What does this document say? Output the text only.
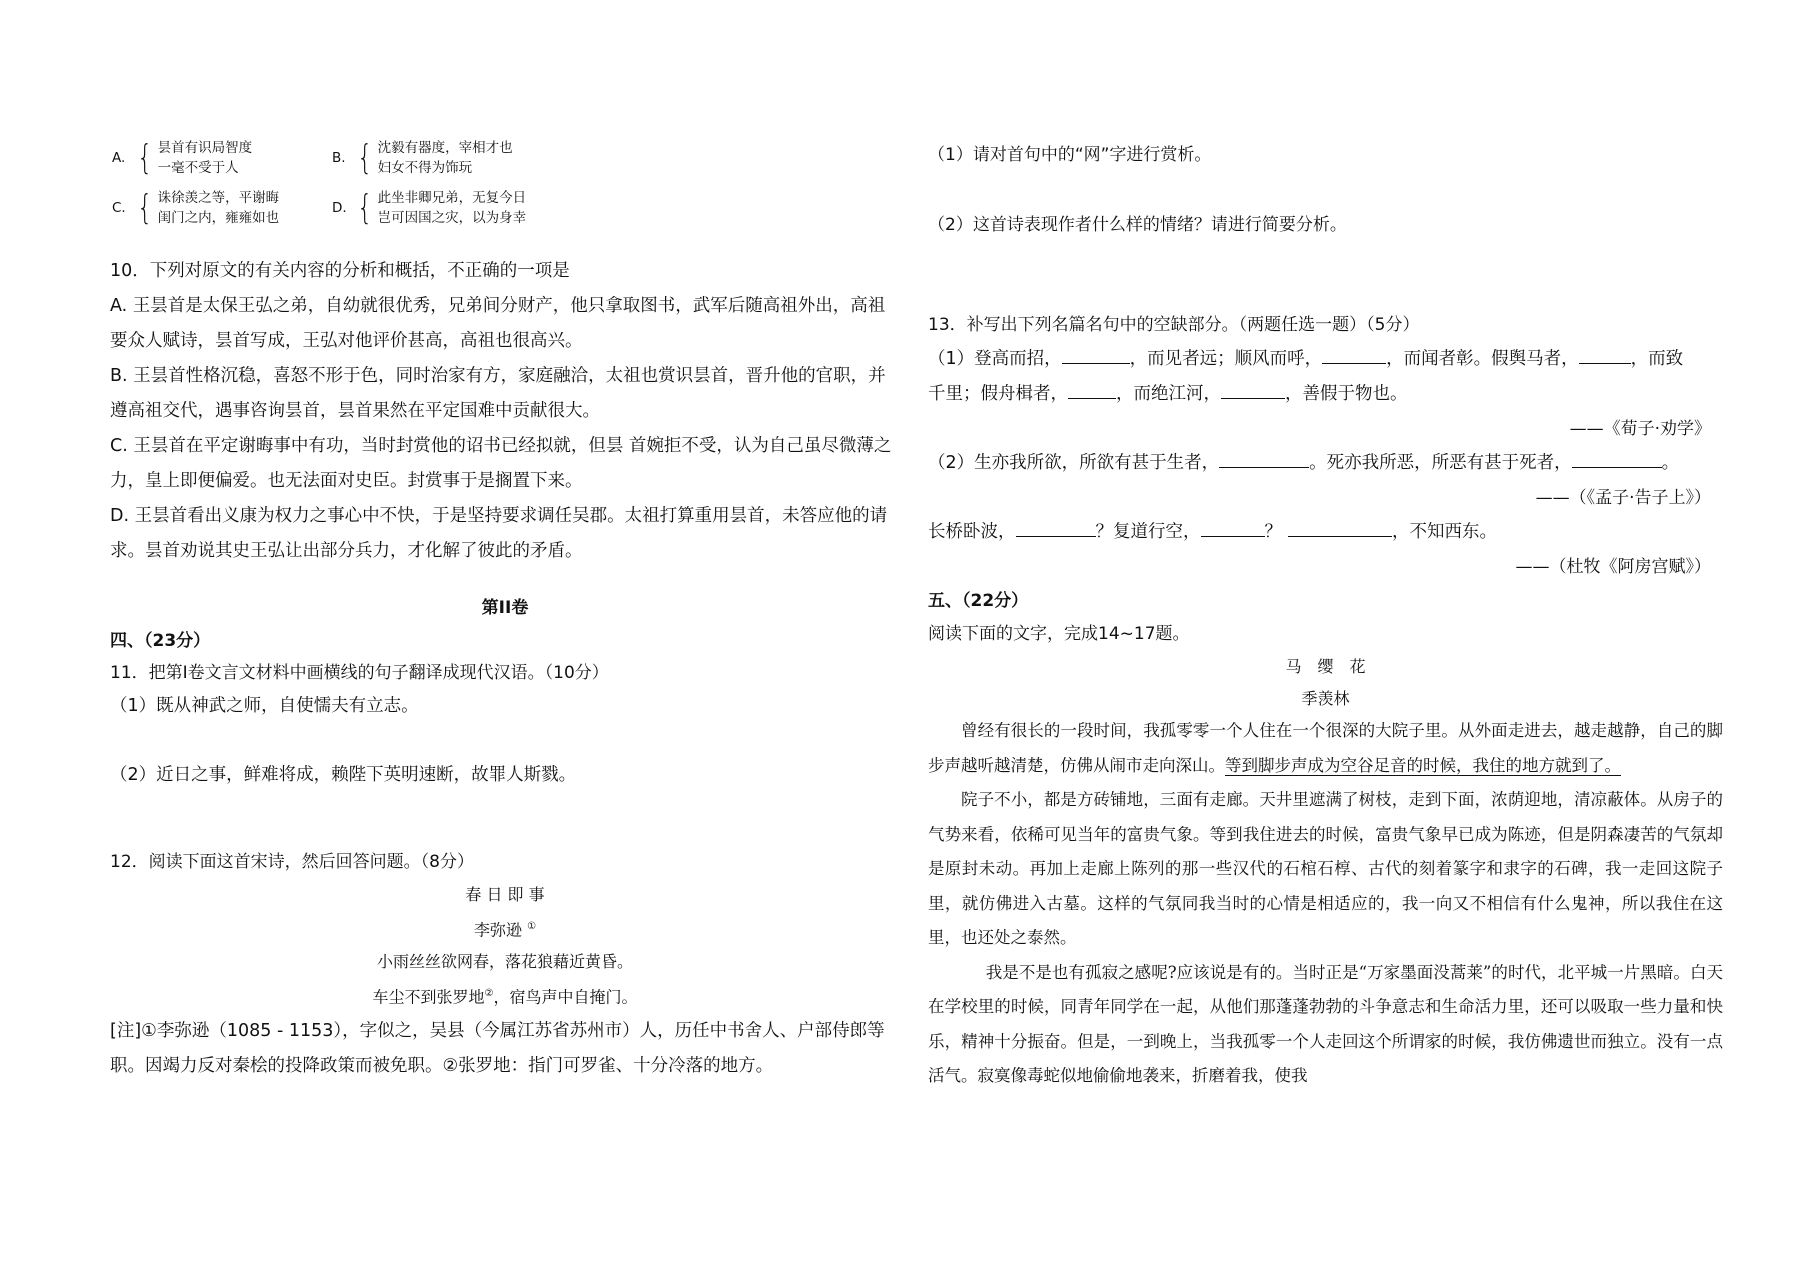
A. { 昙首有识局智度
一毫不受于人
B. { 沈毅有器度，宰相才也
妇女不得为饰玩
C. { 诛徐羡之等，平谢晦
闺门之内，雍雍如也
D. { 此坐非卿兄弟，无复今日
岂可因国之灾，以为身幸
10．下列对原文的有关内容的分析和概括，不正确的一项是
A. 王昙首是太保王弘之弟，自幼就很优秀，兄弟间分财产，他只拿取图书，武军后随高祖外出，高祖要众人赋诗，昙首写成，王弘对他评价甚高，高祖也很高兴。
B. 王昙首性格沉稳，喜怒不形于色，同时治家有方，家庭融洽，太祖也赏识昙首，晋升他的官职，并遵高祖交代，遇事咨询昙首，昙首果然在平定国难中贡献很大。
C. 王昙首在平定谢晦事中有功，当时封赏他的诏书已经拟就，但昙 首婉拒不受，认为自己虽尽微薄之力，皇上即便偏爱。也无法面对史臣。封赏事于是搁置下来。
D. 王昙首看出义康为权力之事心中不快，于是坚持要求调任吴郡。太祖打算重用昙首，未答应他的请求。昙首劝说其史王弘让出部分兵力，才化解了彼此的矛盾。
第II卷
四、（23分）
11．把第Ⅰ卷文言文材料中画横线的句子翻译成现代汉语。（10分）
（1）既从神武之师，自使懦夫有立志。
（2）近日之事，鲜难将成，赖陛下英明速断，故罪人斯戮。
12．阅读下面这首宋诗，然后回答问题。（8分）
春 日 即 事
李弥逊 ①
小雨丝丝欲网春，落花狼藉近黄昏。
车尘不到张罗地②，宿鸟声中自掩门。
[注]①李弥逊（1085 - 1153），字似之，吴县（今属江苏省苏州市）人，历任中书舍人、户部侍郎等职。因竭力反对秦桧的投降政策而被免职。②张罗地：指门可罗雀、十分冷落的地方。
（1）请对首句中的“网”字进行赏析。
（2）这首诗表现作者什么样的情绪？请进行简要分析。
13．补写出下列名篇名句中的空缺部分。（两题任选一题）（5分）
（1）登高而招，	，而见者远；顺风而呼，	，而闻者彰。假舆马者，	，而致
千里；假舟楫者，	，而绝江河，	，善假于物也。
——《荀子·劝学》
（2）生亦我所欲，所欲有甚于生者，	。死亦我所恶，所恶有甚于死者，	。
——（《孟子·告子上》）
长桥卧波，	？复道行空，	？	，不知西东。
——（杜牧《阿房宫赋》）
五、（22分）
阅读下面的文字，完成14~17题。
马　缨　花
季羡林
曾经有很长的一段时间，我孤零零一个人住在一个很深的大院子里。从外面走进去，越走越静，自己的脚步声越听越清楚，仿佛从闹市走向深山。等到脚步声成为空谷足音的时候，我住的地方就到了。
院子不小，都是方砖铺地，三面有走廊。天井里遮满了树枝，走到下面，浓荫迎地，清凉蔽体。从房子的气势来看，依稀可见当年的富贵气象。等到我住进去的时候，富贵气象早已成为陈迹，但是阴森凄苦的气氛却是原封未动。再加上走廊上陈列的那一些汉代的石棺石椁、古代的刻着篆字和隶字的石碑，我一走回这院子里，就仿佛进入古墓。这样的气氛同我当时的心情是相适应的，我一向又不相信有什么鬼神，所以我住在这里，也还处之泰然。
我是不是也有孤寂之感呢?应该说是有的。当时正是“万家墨面没蒿莱”的时代，北平城一片黑暗。白天在学校里的时候，同青年同学在一起，从他们那蓬蓬勃勃的斗争意志和生命活力里，还可以吸取一些力量和快乐，精神十分振奋。但是，一到晚上，当我孤零一个人走回这个所谓家的时候，我仿佛遗世而独立。没有一点活气。寂寞像毒蛇似地偷偷地袭来，折磨着我，使我
